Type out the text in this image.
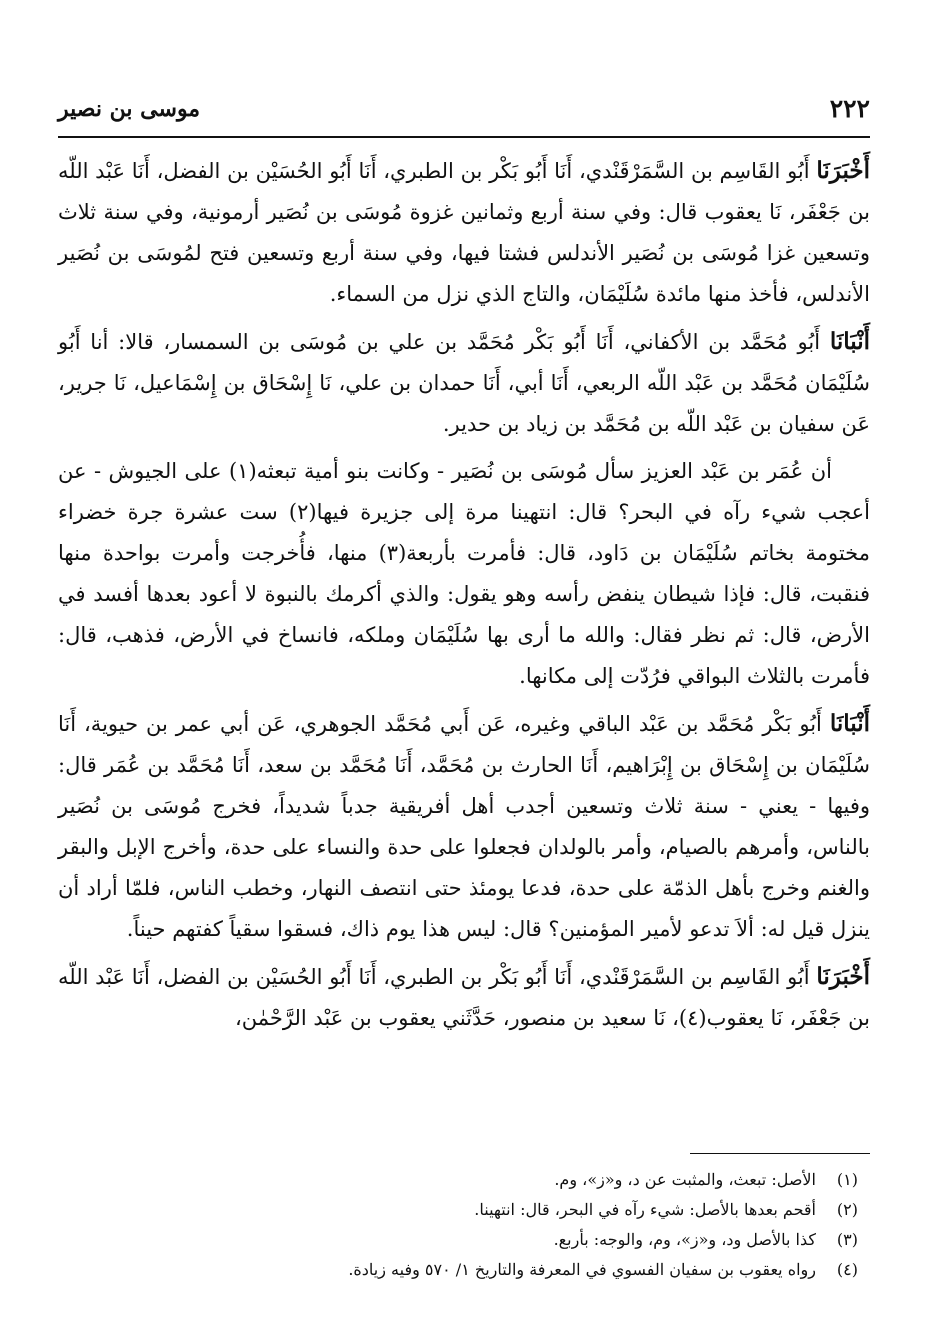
٢٢٢
موسى بن نصير

أَخْبَرَنَا أَبُو القَاسِم بن السَّمَرْقَنْدي، أَنَا أَبُو بَكْر بن الطبري، أَنَا أَبُو الحُسَيْن بن الفضل، أَنَا عَبْد اللّه بن جَعْفَر، نَا يعقوب قال: وفي سنة أربع وثمانين غزوة مُوسَى بن نُصَير أرمونية، وفي سنة ثلاث وتسعين غزا مُوسَى بن نُصَير الأندلس فشتا فيها، وفي سنة أربع وتسعين فتح لمُوسَى بن نُصَير الأندلس، فأخذ منها مائدة سُلَيْمَان، والتاج الذي نزل من السماء.

أَنْبَانَا أَبُو مُحَمَّد بن الأكفاني، أَنَا أَبُو بَكْر مُحَمَّد بن علي بن مُوسَى بن السمسار، قالا: أنا أَبُو سُلَيْمَان مُحَمَّد بن عَبْد اللّه الربعي، أَنَا أبي، أَنَا حمدان بن علي، نَا إِسْحَاق بن إِسْمَاعيل، نَا جرير، عَن سفيان بن عَبْد اللّه بن مُحَمَّد بن زياد بن حدير.

أن عُمَر بن عَبْد العزيز سأل مُوسَى بن نُصَير - وكانت بنو أمية تبعثه(١) على الجيوش - عن أعجب شيء رآه في البحر؟ قال: انتهينا مرة إلى جزيرة فيها(٢) ست عشرة جرة خضراء مختومة بخاتم سُلَيْمَان بن دَاود، قال: فأمرت بأربعة(٣) منها، فأُخرجت وأمرت بواحدة منها فنقبت، قال: فإذا شيطان ينفض رأسه وهو يقول: والذي أكرمك بالنبوة لا أعود بعدها أفسد في الأرض، قال: ثم نظر فقال: والله ما أرى بها سُلَيْمَان وملكه، فانساخ في الأرض، فذهب، قال: فأمرت بالثلاث البواقي فرُدّت إلى مكانها.

أَنْبَانَا أَبُو بَكْر مُحَمَّد بن عَبْد الباقي وغيره، عَن أَبي مُحَمَّد الجوهري، عَن أبي عمر بن حيوية، أَنَا سُلَيْمَان بن إِسْحَاق بن إِبْرَاهيم، أَنَا الحارث بن مُحَمَّد، أَنَا مُحَمَّد بن سعد، أَنَا مُحَمَّد بن عُمَر قال: وفيها - يعني - سنة ثلاث وتسعين أجدب أهل أفريقية جدباً شديداً، فخرج مُوسَى بن نُصَير بالناس، وأمرهم بالصيام، وأمر بالولدان فجعلوا على حدة والنساء على حدة، وأخرج الإبل والبقر والغنم وخرج بأهل الذمّة على حدة، فدعا يومئذ حتى انتصف النهار، وخطب الناس، فلمّا أراد أن ينزل قيل له: ألاَ تدعو لأمير المؤمنين؟ قال: ليس هذا يوم ذاك، فسقوا سقياً كفتهم حيناً.

أَخْبَرَنَا أَبُو القَاسِم بن السَّمَرْقَنْدي، أَنَا أَبُو بَكْر بن الطبري، أَنَا أَبُو الحُسَيْن بن الفضل، أَنَا عَبْد اللّه بن جَعْفَر، نَا يعقوب(٤)، نَا سعيد بن منصور، حَدَّثَني يعقوب بن عَبْد الرَّحْمٰن،

(١)
الأصل: تبعث، والمثبت عن د، و«ز»، وم.
(٢)
أقحم بعدها بالأصل: شيء رآه في البحر، قال: انتهينا.
(٣)
كذا بالأصل ود، و«ز»، وم، والوجه: بأربع.
(٤)
رواه يعقوب بن سفيان الفسوي في المعرفة والتاريخ ١/ ٥٧٠ وفيه زيادة.
